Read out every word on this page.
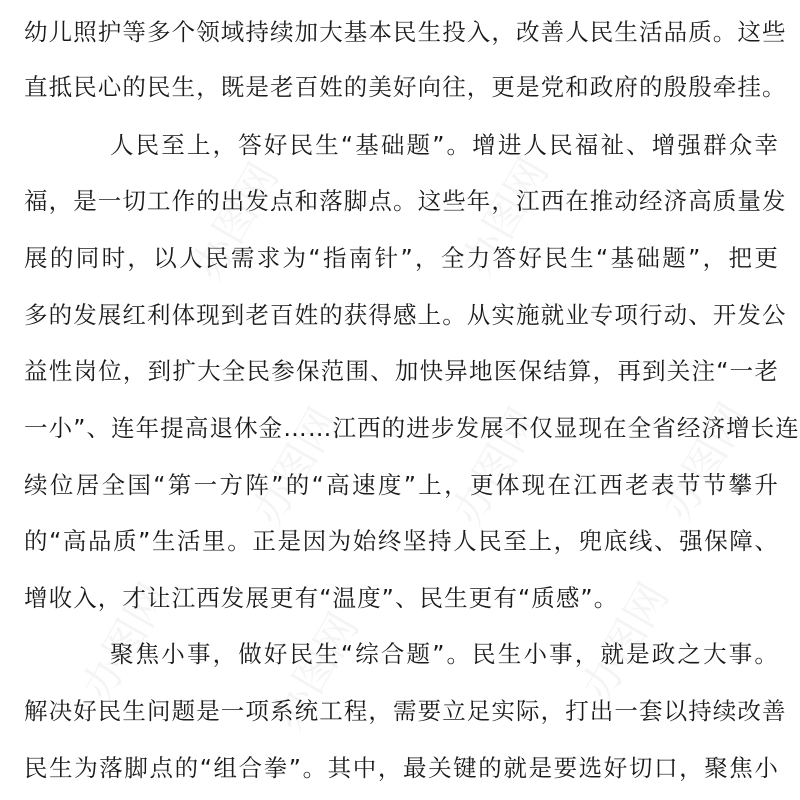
办图网	办图网
办图网 办图网 办图网
办图网 办图网	办图网
幼儿照护等多个领域持续加大基本民生投入，改善人民生活品质。这些
直抵民心的民生，既是老百姓的美好向往，更是党和政府的殷殷牵挂。
人民至上，答好民生“基础题”。增进人民福祉、增强群众幸
福，是一切工作的出发点和落脚点。这些年，江西在推动经济高质量发
展的同时，以人民需求为“指南针”，全力答好民生“基础题”，把更
多的发展红利体现到老百姓的获得感上。从实施就业专项行动、开发公
益性岗位，到扩大全民参保范围、加快异地医保结算，再到关注“一老
一小”、连年提高退休金……江西的进步发展不仅显现在全省经济增长连
续位居全国“第一方阵”的“高速度”上，更体现在江西老表节节攀升
的“高品质”生活里。正是因为始终坚持人民至上，兜底线、强保障、
增收入，才让江西发展更有“温度”、民生更有“质感”。
聚焦小事，做好民生“综合题”。民生小事，就是政之大事。
解决好民生问题是一项系统工程，需要立足实际，打出一套以持续改善
民生为落脚点的“组合拳”。其中，最关键的就是要选好切口，聚焦小
